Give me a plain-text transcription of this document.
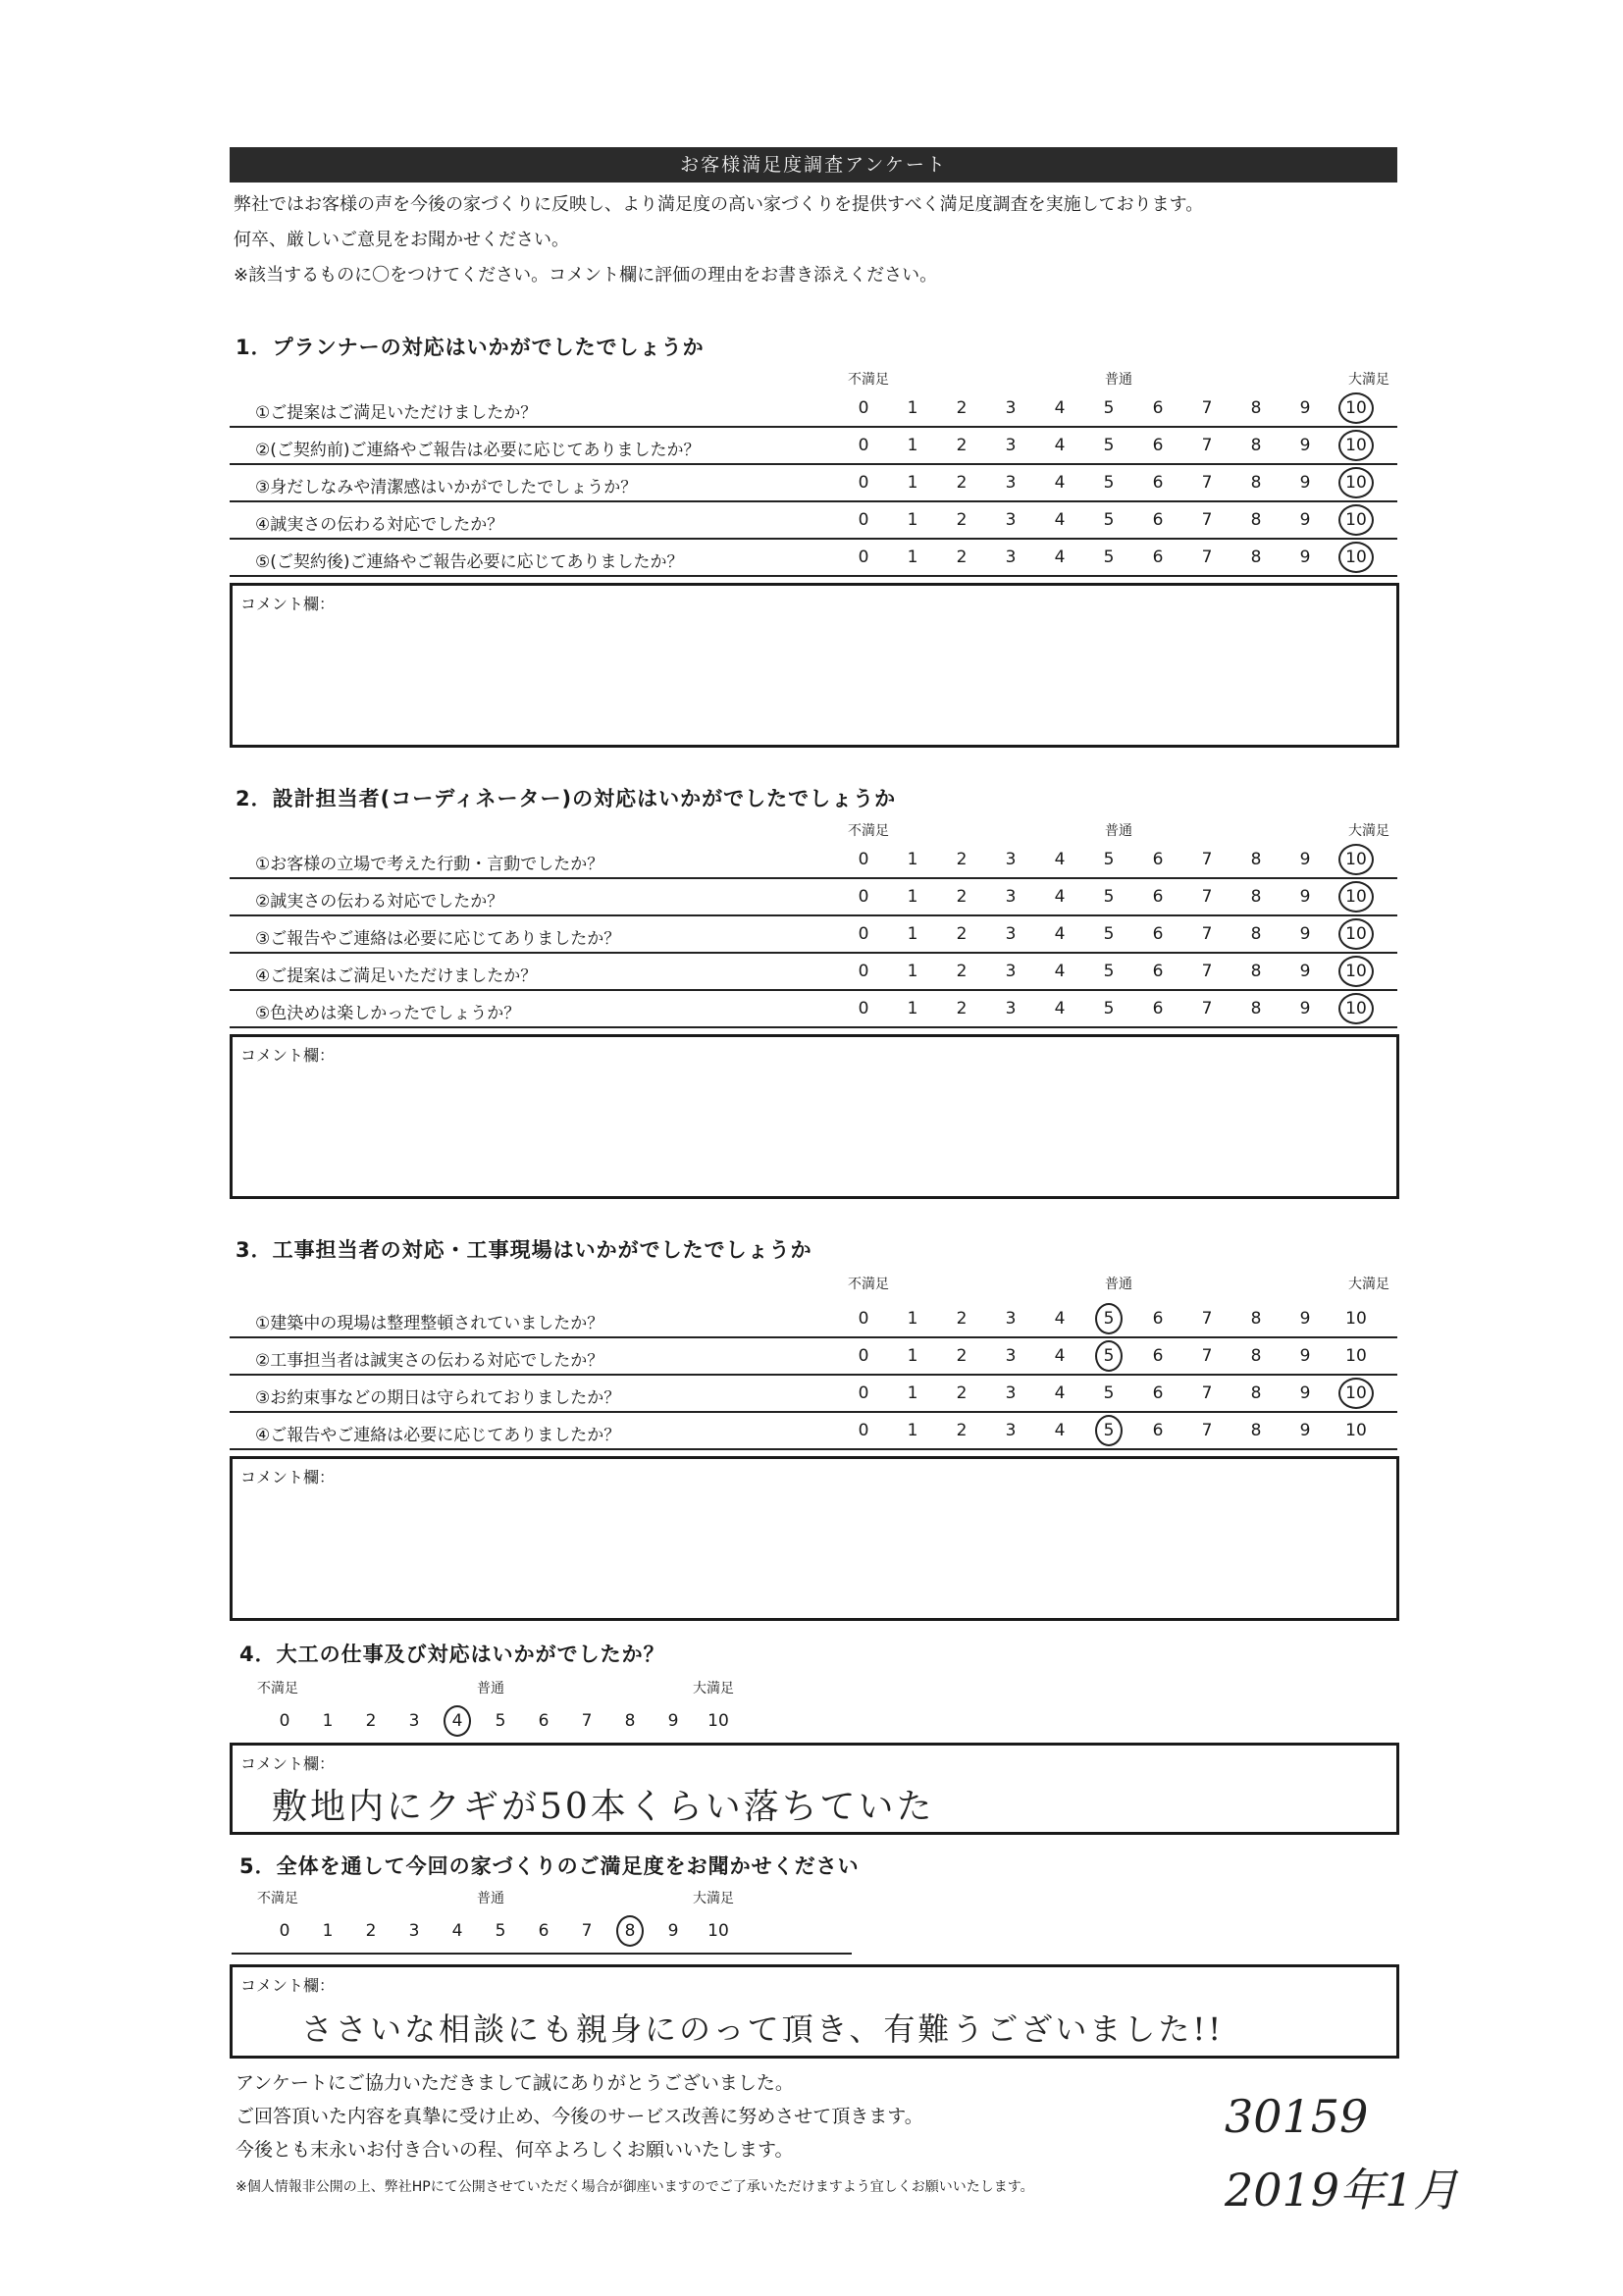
お客様満足度調査アンケート
弊社ではお客様の声を今後の家づくりに反映し、より満足度の高い家づくりを提供すべく満足度調査を実施しております。
何卒、厳しいご意見をお聞かせください。
※該当するものに〇をつけてください。コメント欄に評価の理由をお書き添えください。
1．プランナーの対応はいかがでしたでしょうか
不満足	普通	大満足
①ご提案はご満足いただけましたか？	0	1	2	3	4	5	6	7	8	9	10
②(ご契約前)ご連絡やご報告は必要に応じてありましたか？	0	1	2	3	4	5	6	7	8	9	10
③身だしなみや清潔感はいかがでしたでしょうか？	0	1	2	3	4	5	6	7	8	9	10
④誠実さの伝わる対応でしたか？	0	1	2	3	4	5	6	7	8	9	10
⑤(ご契約後)ご連絡やご報告必要に応じてありましたか？	0	1	2	3	4	5	6	7	8	9	10
コメント欄：
2．設計担当者(コーディネーター)の対応はいかがでしたでしょうか
不満足	普通	大満足
①お客様の立場で考えた行動・言動でしたか？	0	1	2	3	4	5	6	7	8	9	10
②誠実さの伝わる対応でしたか？	0	1	2	3	4	5	6	7	8	9	10
③ご報告やご連絡は必要に応じてありましたか？	0	1	2	3	4	5	6	7	8	9	10
④ご提案はご満足いただけましたか？	0	1	2	3	4	5	6	7	8	9	10
⑤色決めは楽しかったでしょうか？	0	1	2	3	4	5	6	7	8	9	10
コメント欄：
3．工事担当者の対応・工事現場はいかがでしたでしょうか
不満足	普通	大満足
①建築中の現場は整理整頓されていましたか？	0	1	2	3	4	5	6	7	8	9	10
②工事担当者は誠実さの伝わる対応でしたか？	0	1	2	3	4	5	6	7	8	9	10
③お約束事などの期日は守られておりましたか？	0	1	2	3	4	5	6	7	8	9	10
④ご報告やご連絡は必要に応じてありましたか？	0	1	2	3	4	5	6	7	8	9	10
コメント欄：
4．大工の仕事及び対応はいかがでしたか？
不満足	普通	大満足
0	1	2	3	4	5	6	7	8	9	10
コメント欄：
敷地内にクギが50本くらい落ちていた
5．全体を通して今回の家づくりのご満足度をお聞かせください
不満足	普通	大満足
0	1	2	3	4	5	6	7	8	9	10
コメント欄：
ささいな相談にも親身にのって頂き、有難うございました!!
アンケートにご協力いただきまして誠にありがとうございました。
ご回答頂いた内容を真摯に受け止め、今後のサービス改善に努めさせて頂きます。
今後とも末永いお付き合いの程、何卒よろしくお願いいたします。
※個人情報非公開の上、弊社HPにて公開させていただく場合が御座いますのでご了承いただけますよう宜しくお願いいたします。
30159
2019年1月
